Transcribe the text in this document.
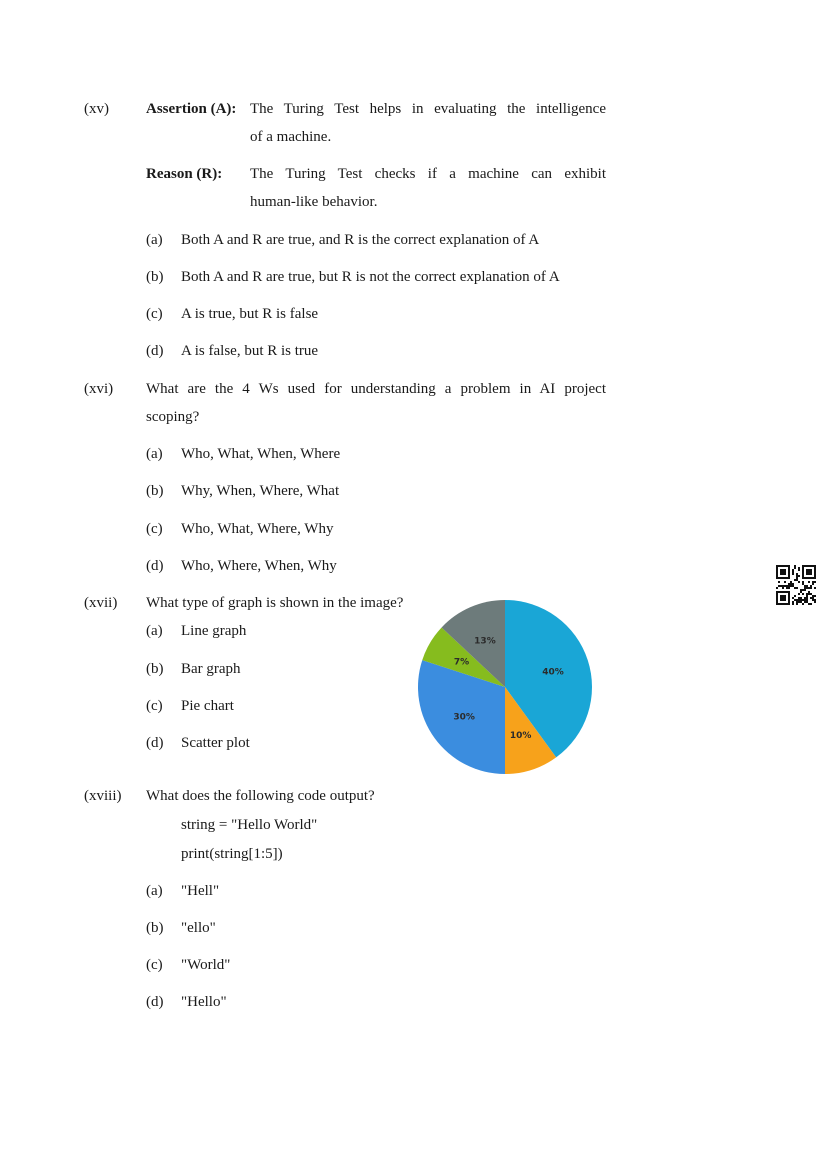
(xv) Assertion (A): The Turing Test helps in evaluating the intelligence
of a machine.
Reason (R): The Turing Test checks if a machine can exhibit
human-like behavior.
(a) Both A and R are true, and R is the correct explanation of A
(b) Both A and R are true, but R is not the correct explanation of A
(c) A is true, but R is false
(d) A is false, but R is true
(xvi) What are the 4 Ws used for understanding a problem in AI project
scoping?
(a) Who, What, When, Where
(b) Why, When, Where, What
(c) Who, What, Where, Why
(d) Who, Where, When, Why
(xvii) What type of graph is shown in the image?
(a) Line graph
(b) Bar graph
(c) Pie chart
(d) Scatter plot
40%
10%
30%
7%
13%
(xviii) What does the following code output?
string = "Hello World"
print(string[1:5])
(a) "Hell"
(b) "ello"
(c) "World"
(d) "Hello"
